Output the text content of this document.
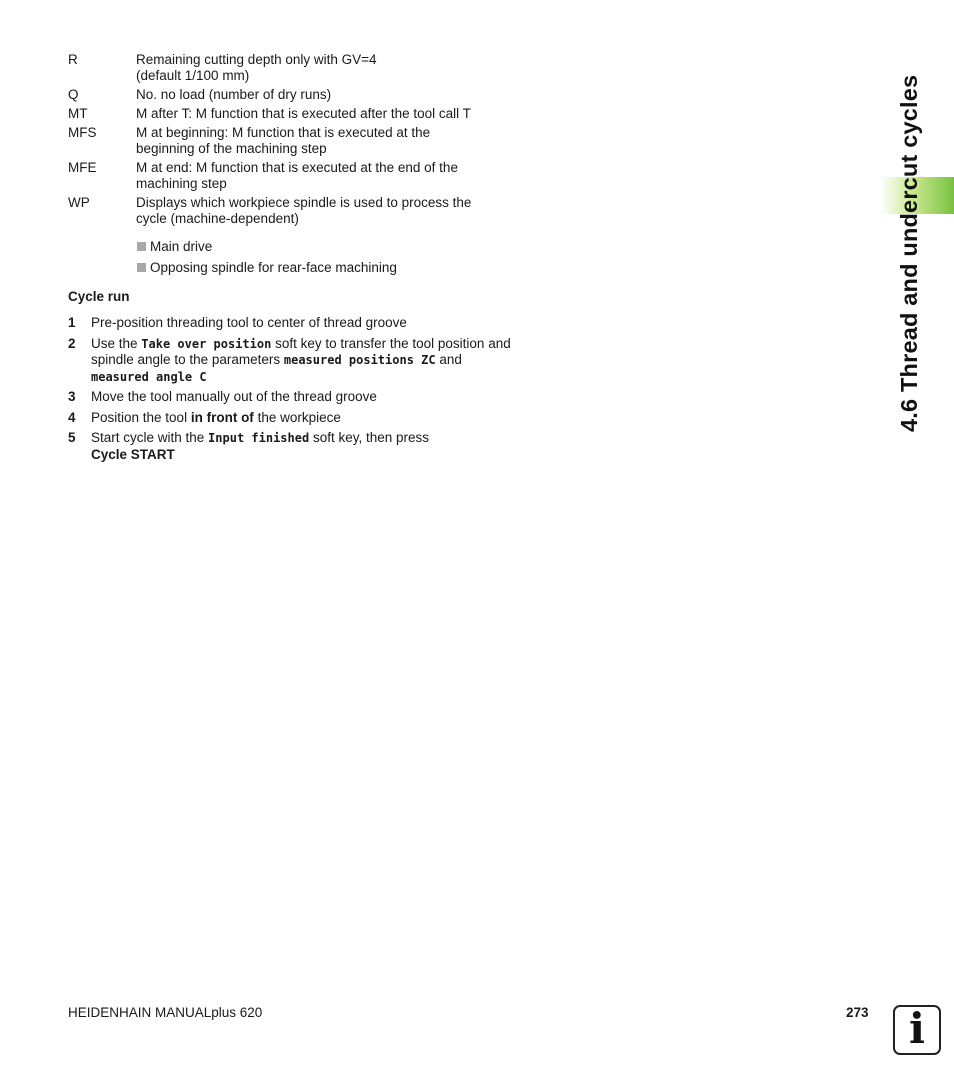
R	Remaining cutting depth only with GV=4
(default 1/100 mm)
Q	No. no load (number of dry runs)
MT	M after T: M function that is executed after the tool call T
MFS	M at beginning: M function that is executed at the
beginning of the machining step
MFE	M at end: M function that is executed at the end of the
machining step
WP	Displays which workpiece spindle is used to process the
cycle (machine-dependent)
Main drive
Opposing spindle for rear-face machining
Cycle run
1	Pre-position threading tool to center of thread groove
2	Use the Take over position soft key to transfer the tool position and spindle angle to the parameters measured positions ZC and measured angle C
3	Move the tool manually out of the thread groove
4	Position the tool in front of the workpiece
5	Start cycle with the Input finished soft key, then press
Cycle START
4.6 Thread and undercut cycles
HEIDENHAIN MANUALplus 620	273 i
